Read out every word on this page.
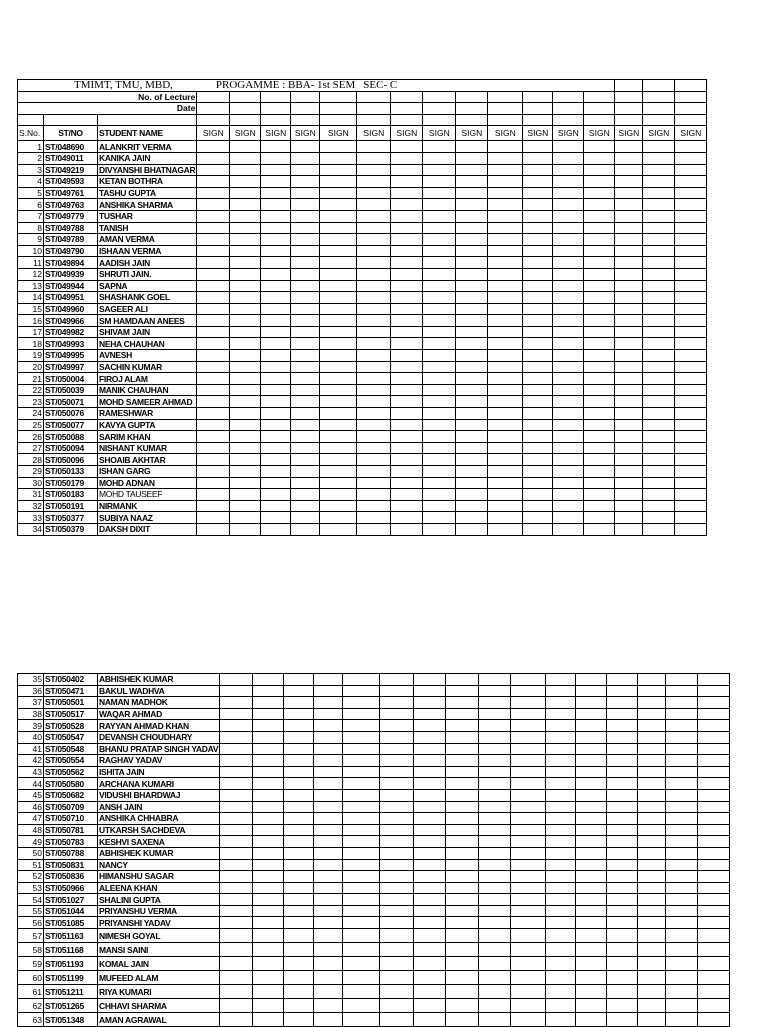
TMIMT, TMU, MBD, PROGAMME : BBA- 1st SEM SEC- C																		
No. of Lecture																		
Date																		

S.No.	ST/NO	STUDENT NAME	SIGN	SIGN	SIGN	SIGN	SIGN	SIGN	SIGN	SIGN	SIGN	SIGN	SIGN	SIGN	SIGN	SIGN	SIGN	SIGN
1	ST/048690	ALANKRIT VERMA																
2	ST/049011	KANIKA JAIN																
3	ST/049219	DIVYANSHI BHATNAGAR																
4	ST/049593	KETAN BOTHRA																
5	ST/049761	TASHU GUPTA																
6	ST/049763	ANSHIKA SHARMA																
7	ST/049779	TUSHAR																
8	ST/049788	TANISH																
9	ST/049789	AMAN VERMA																
10	ST/049790	ISHAAN VERMA																
11	ST/049894	AADISH JAIN																
12	ST/049939	SHRUTI JAIN.																
13	ST/049944	SAPNA																
14	ST/049951	SHASHANK GOEL																
15	ST/049960	SAGEER ALI																
16	ST/049966	SM HAMDAAN ANEES																
17	ST/049982	SHIVAM JAIN																
18	ST/049993	NEHA CHAUHAN																
19	ST/049995	AVNESH																
20	ST/049997	SACHIN KUMAR																
21	ST/050004	FIROJ ALAM																
22	ST/050039	MANIK CHAUHAN																
23	ST/050071	MOHD SAMEER AHMAD																
24	ST/050076	RAMESHWAR																
25	ST/050077	KAVYA GUPTA																
26	ST/050088	SARIM KHAN																
27	ST/050094	NISHANT KUMAR																
28	ST/050096	SHOAIB AKHTAR																
29	ST/050133	ISHAN GARG																
30	ST/050179	MOHD ADNAN																
31	ST/050183	MOHD TAUSEEF																
32	ST/050191	NIRMANK																
33	ST/050377	SUBIYA NAAZ																
34	ST/050379	DAKSH DIXIT																
35	ST/050402	ABHISHEK KUMAR																
36	ST/050471	BAKUL WADHVA																
37	ST/050501	NAMAN MADHOK																
38	ST/050517	WAQAR AHMAD																
39	ST/050528	RAYYAN AHMAD KHAN																
40	ST/050547	DEVANSH CHOUDHARY																
41	ST/050548	BHANU PRATAP SINGH YADAV																
42	ST/050554	RAGHAV YADAV																
43	ST/050562	ISHITA JAIN																
44	ST/050580	ARCHANA KUMARI																
45	ST/050682	VIDUSHI BHARDWAJ																
46	ST/050709	ANSH JAIN																
47	ST/050710	ANSHIKA CHHABRA																
48	ST/050781	UTKARSH SACHDEVA																
49	ST/050783	KESHVI SAXENA																
50	ST/050788	ABHISHEK KUMAR																
51	ST/050831	NANCY																
52	ST/050836	HIMANSHU SAGAR																
53	ST/050966	ALEENA KHAN																
54	ST/051027	SHALINI GUPTA																
55	ST/051044	PRIYANSHU VERMA																
56	ST/051085	PRIYANSHI YADAV																
57	ST/051163	NIMESH GOYAL																
58	ST/051168	MANSI SAINI																
59	ST/051193	KOMAL JAIN																
60	ST/051199	MUFEED ALAM																
61	ST/051211	RIYA KUMARI																
62	ST/051265	CHHAVI SHARMA																
63	ST/051348	AMAN AGRAWAL																
